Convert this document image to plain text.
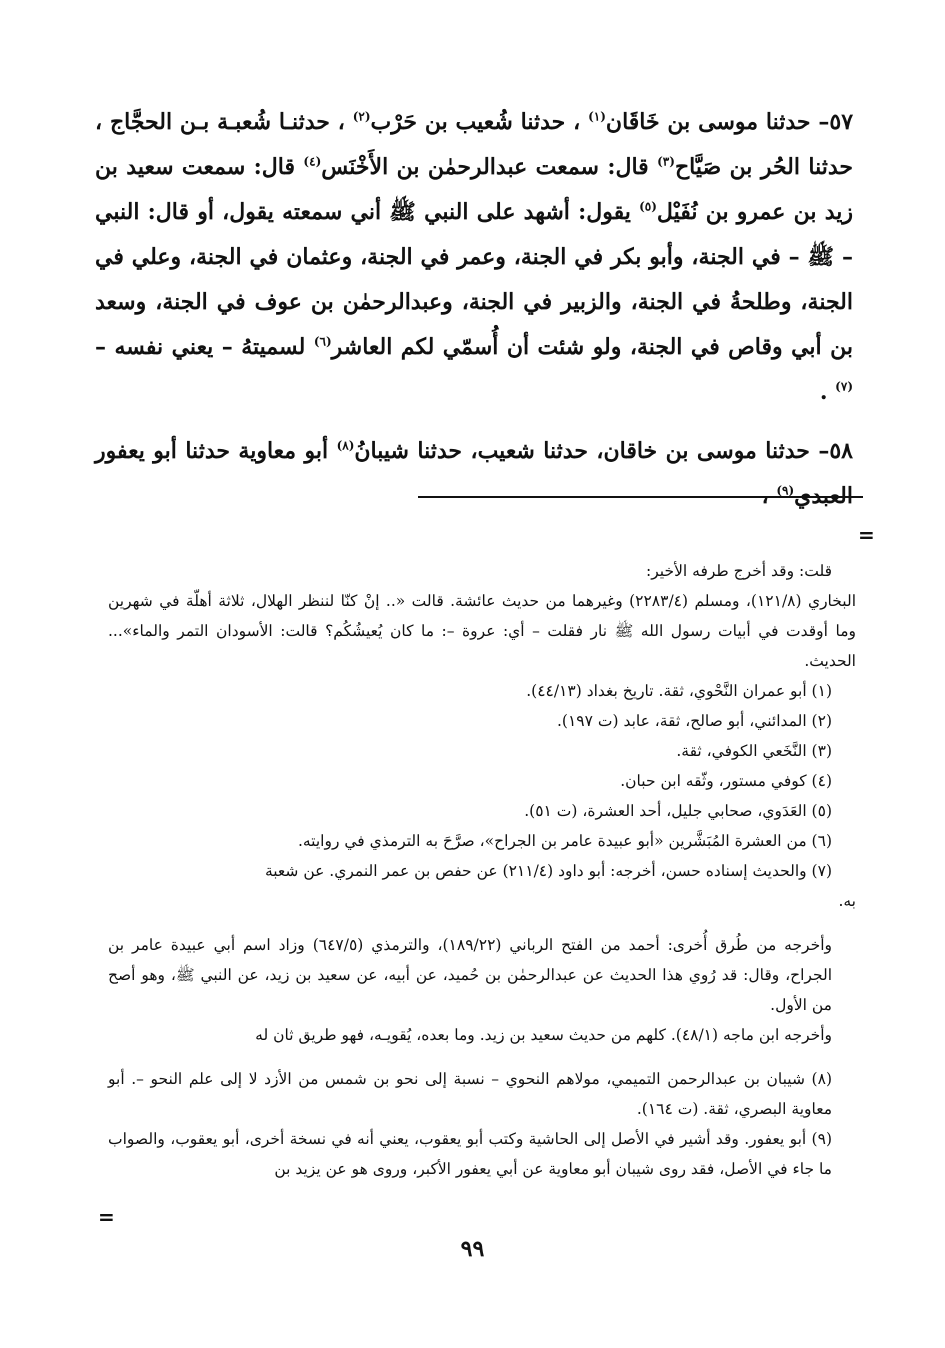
٥٧– حدثنا موسى بن خَاقَان$^{(١)}$ ، حدثنا شُعيب بن حَرْب$^{(٢)}$ ، حدثنـا شُعبـة بـن الحجَّاج ، حدثنا الحُر بن صَيَّاح$^{(٣)}$ قال: سمعت عبدالرحمٰن بن الأَخْنَس$^{(٤)}$ قال: سمعت سعيد بن زيد بن عمرو بن نُفَيْل$^{(٥)}$ يقول: أشهد على النبي ﷺ أني سمعته يقول، أو قال: النبي – ﷺ – في الجنة، وأبو بكر في الجنة، وعمر في الجنة، وعثمان في الجنة، وعلي في الجنة، وطلحةُ في الجنة، والزبير في الجنة، وعبدالرحمٰن بن عوف في الجنة، وسعد بن أبي وقاص في الجنة، ولو شئت أن أُسمّي لكم العاشر$^{(٦)}$ لسميتهُ – يعني نفسه –$^{(٧)}$ .

٥٨– حدثنا موسى بن خاقان، حدثنا شعيب، حدثنا شيبانُ$^{(٨)}$ أبو معاوية حدثنا أبو يعفور العبدي$^{(٩)}$ ،

=

قلت: وقد أخرج طرفه الأخير:

البخاري (١٢١/٨)، ومسلم (٢٢٨٣/٤) وغيرهما من حديث عائشة. قالت «.. إنْ كنّا لننظر الهلال، ثلاثة أهلّة في شهرين وما أوقدت في أبيات رسول الله ﷺ نار فقلت – أي: عروة –: ما كان يُعيشُكُم؟ قالت: الأسودان التمر والماء»... الحديث.

(١) أبو عمران النَّحْوي، ثقة. تاريخ بغداد (٤٤/١٣).

(٢) المدائني، أبو صالح، ثقة، عابد (ت ١٩٧).

(٣) النَّخَعي الكوفي، ثقة.

(٤) كوفي مستور، وثّقه ابن حبان.

(٥) العَدَوي، صحابي جليل، أحد العشرة، (ت ٥١).

(٦) من العشرة المُبَشَّرين «أبو عبيدة عامر بن الجراح»، صرَّحَ به الترمذي في روايته.

(٧) والحديث إسناده حسن، أخرجه: أبو داود (٢١١/٤) عن حفص بن عمر النمري. عن شعبة

به.

وأخرجه من طُرق أُخرى: أحمد من الفتح الرباني (١٨٩/٢٢)، والترمذي (٦٤٧/٥) وزاد اسم أبي عبيدة عامر بن الجراح، وقال: قد رُوي هذا الحديث عن عبدالرحمٰن بن حُميد، عن أبيه، عن سعيد بن زيد، عن النبي ﷺ، وهو أصح من الأول.

وأخرجه ابن ماجه (٤٨/١). كلهم من حديث سعيد بن زيد. وما بعده، يُقويـه، فهو طريق ثان له

(٨) شيبان بن عبدالرحمن التميمي، مولاهم النحوي – نسبة إلى نحو بن شمس من الأزد لا إلى علم النحو –. أبو معاوية البصري، ثقة. (ت ١٦٤).

(٩) أبو يعفور. وقد أشير في الأصل إلى الحاشية وكتب أبو يعقوب، يعني أنه في نسخة أخرى، أبو يعقوب، والصواب ما جاء في الأصل، فقد روى شيبان أبو معاوية عن أبي يعفور الأكبر، وروى هو عن يزيد بن

=
٩٩
